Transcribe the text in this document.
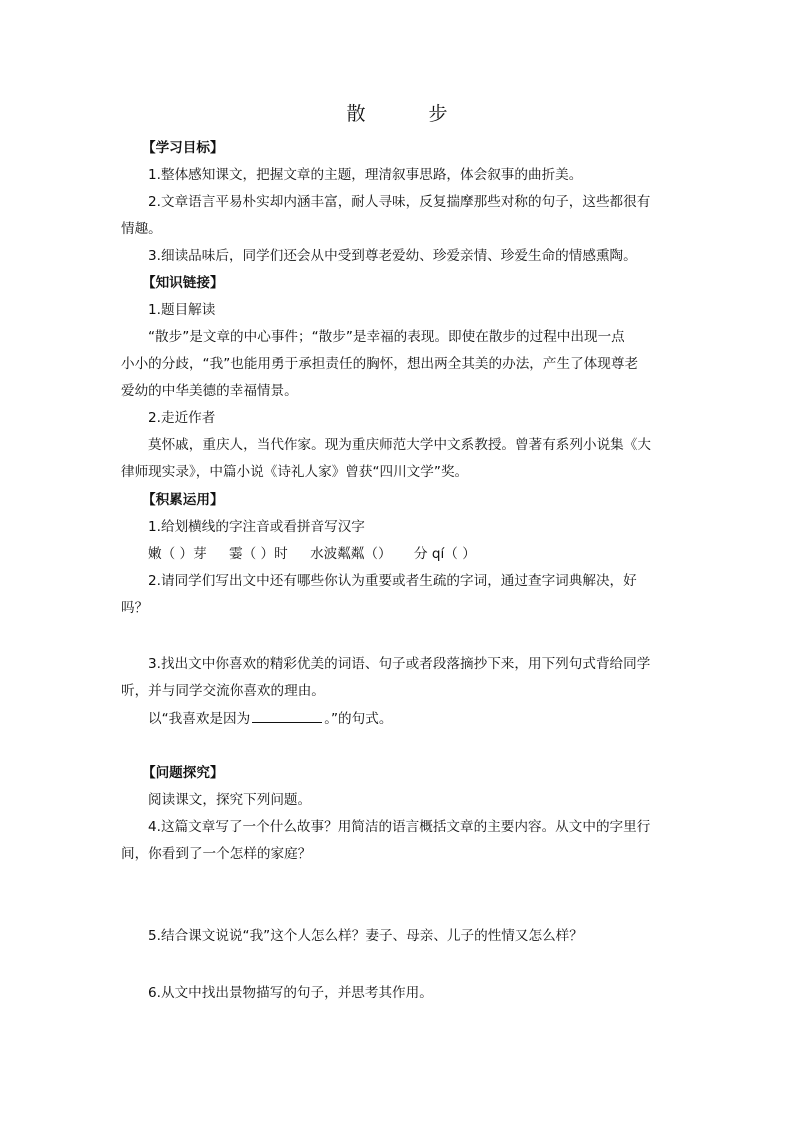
散　步
【学习目标】
1.整体感知课文，把握文章的主题，理清叙事思路，体会叙事的曲折美。
2.文章语言平易朴实却内涵丰富，耐人寻味，反复揣摩那些对称的句子，这些都很有
情趣。
3.细读品味后，同学们还会从中受到尊老爱幼、珍爱亲情、珍爱生命的情感熏陶。
【知识链接】
1.题目解读
“散步”是文章的中心事件；“散步”是幸福的表现。即使在散步的过程中出现一点
小小的分歧，“我”也能用勇于承担责任的胸怀，想出两全其美的办法，产生了体现尊老
爱幼的中华美德的幸福情景。
2.走近作者
莫怀戚，重庆人，当代作家。现为重庆师范大学中文系教授。曾著有系列小说集《大
律师现实录》，中篇小说《诗礼人家》曾获“四川文学”奖。
【积累运用】
1.给划横线的字注音或看拼音写汉字
嫩（ ）芽 霎（ ）时 水波粼粼（） 分 qí（ ）
2.请同学们写出文中还有哪些你认为重要或者生疏的字词，通过查字词典解决，好
吗？
3.找出文中你喜欢的精彩优美的词语、句子或者段落摘抄下来，用下列句式背给同学
听，并与同学交流你喜欢的理由。
以“我喜欢是因为	。”的句式。
【问题探究】
阅读课文，探究下列问题。
4.这篇文章写了一个什么故事？用简洁的语言概括文章的主要内容。从文中的字里行
间，你看到了一个怎样的家庭？
5.结合课文说说“我”这个人怎么样？妻子、母亲、儿子的性情又怎么样？
6.从文中找出景物描写的句子，并思考其作用。
